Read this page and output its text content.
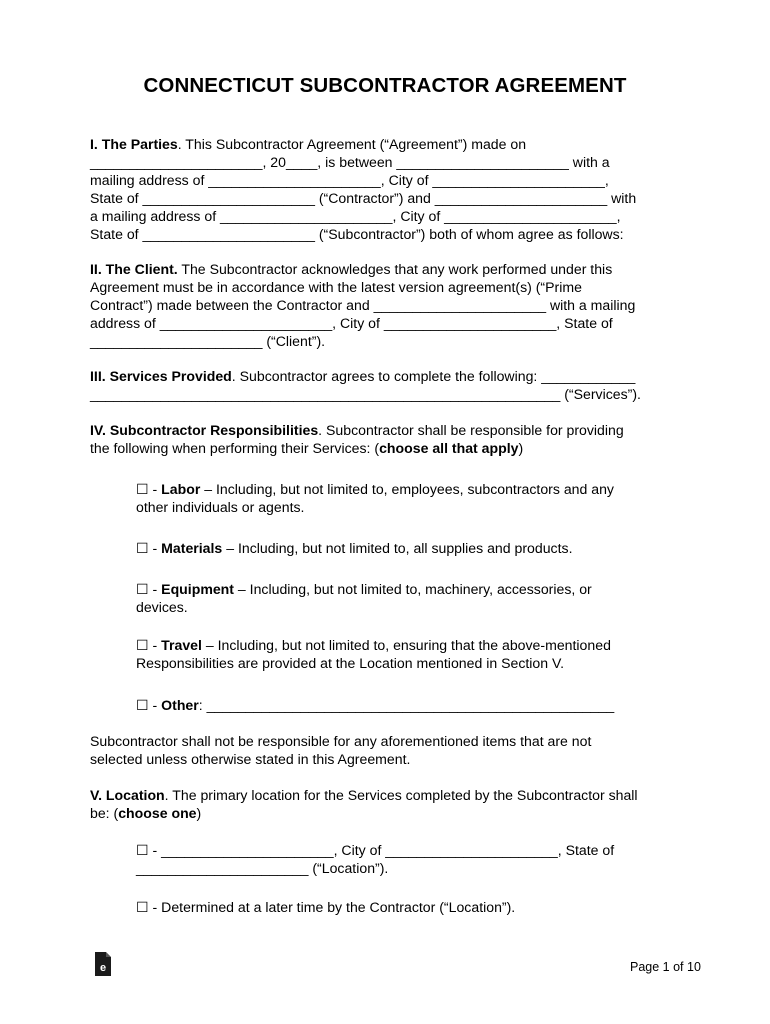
CONNECTICUT SUBCONTRACTOR AGREEMENT

I. The Parties. This Subcontractor Agreement (“Agreement”) made on

______________________, 20____, is between ______________________ with a

mailing address of ______________________, City of ______________________,

State of ______________________ (“Contractor”) and ______________________ with

a mailing address of ______________________, City of ______________________,

State of ______________________ (“Subcontractor”) both of whom agree as follows:

II. The Client. The Subcontractor acknowledges that any work performed under this

Agreement must be in accordance with the latest version agreement(s) (“Prime

Contract”) made between the Contractor and ______________________ with a mailing

address of ______________________, City of ______________________, State of

______________________ (“Client”).

III. Services Provided. Subcontractor agrees to complete the following: ____________

____________________________________________________________ (“Services”).

IV. Subcontractor Responsibilities. Subcontractor shall be responsible for providing

the following when performing their Services: (choose all that apply)

☐ - Labor – Including, but not limited to, employees, subcontractors and any

other individuals or agents.

☐ - Materials – Including, but not limited to, all supplies and products.

☐ - Equipment – Including, but not limited to, machinery, accessories, or

devices.

☐ - Travel – Including, but not limited to, ensuring that the above-mentioned

Responsibilities are provided at the Location mentioned in Section V.

☐ - Other: ____________________________________________________

Subcontractor shall not be responsible for any aforementioned items that are not

selected unless otherwise stated in this Agreement.

V. Location. The primary location for the Services completed by the Subcontractor shall

be: (choose one)

☐ - ______________________, City of ______________________, State of

______________________ (“Location”).

☐ - Determined at a later time by the Contractor (“Location”).

e	Page 1 of 10
